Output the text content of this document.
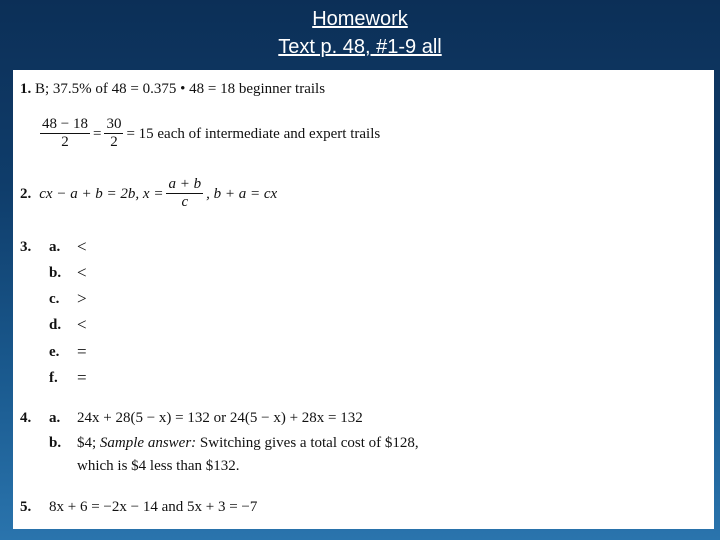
Homework
Text p. 48, #1-9 all
1. B; 37.5% of 48 = 0.375 • 48 = 18 beginner trails
$\frac{48 - 18}{2} = \frac{30}{2} = 15$ each of intermediate and expert trails
2. cx − a + b = 2b, $x = \frac{a + b}{c}$ , b + a = cx
3. a. <
b. <
c. >
d. <
e. =
f. =
4. a. 24x + 28(5 − x) = 132 or 24(5 − x) + 28x = 132
b. $4; Sample answer: Switching gives a total cost of $128,
which is $4 less than $132.
5. 8x + 6 = −2x − 14 and 5x + 3 = −7
